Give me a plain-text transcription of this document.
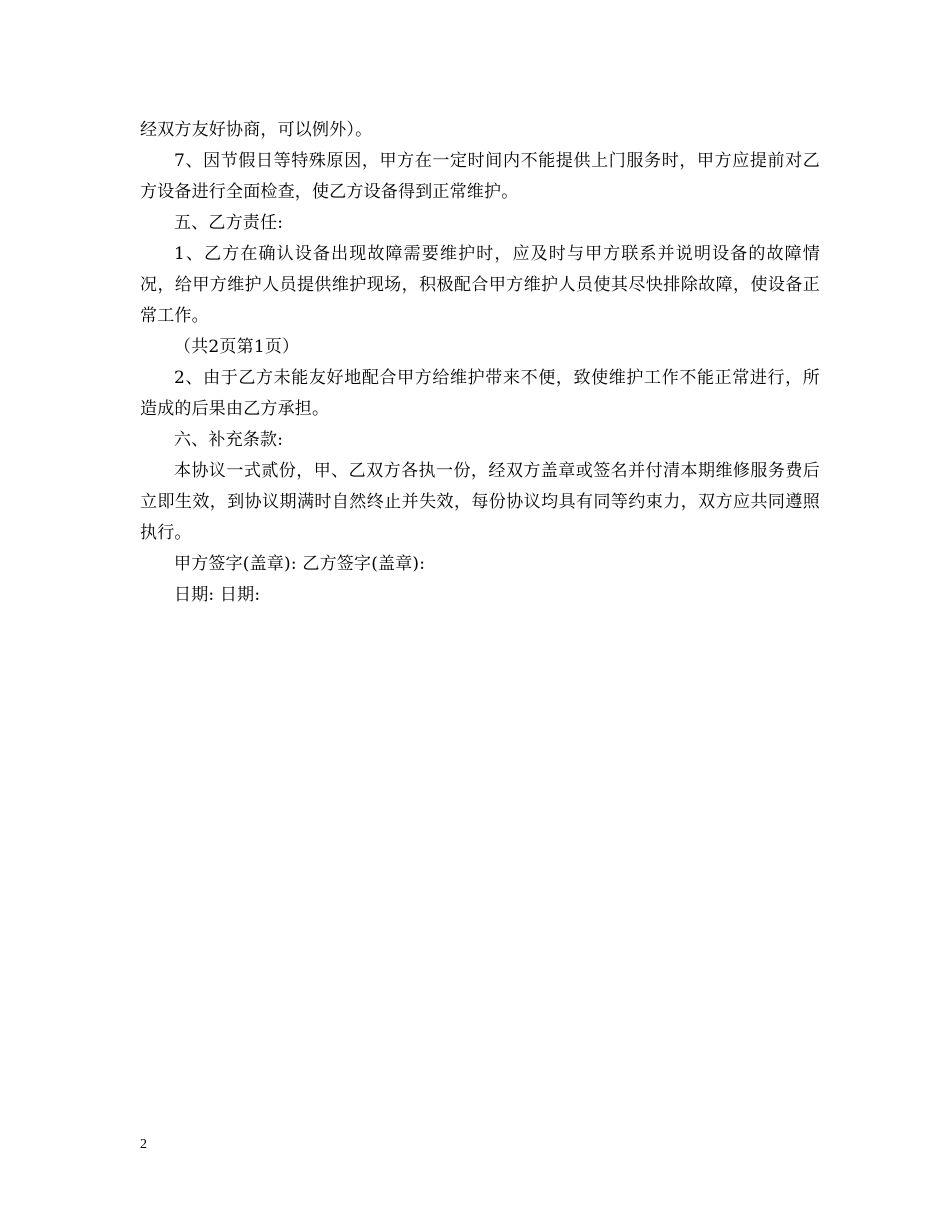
经双方友好协商，可以例外）。

7、因节假日等特殊原因，甲方在一定时间内不能提供上门服务时，甲方应提前对乙方设备进行全面检查，使乙方设备得到正常维护。

五、乙方责任:

1、乙方在确认设备出现故障需要维护时，应及时与甲方联系并说明设备的故障情况，给甲方维护人员提供维护现场，积极配合甲方维护人员使其尽快排除故障，使设备正常工作。

（共2页第1页）

2、由于乙方未能友好地配合甲方给维护带来不便，致使维护工作不能正常进行，所造成的后果由乙方承担。

六、补充条款:

本协议一式贰份，甲、乙双方各执一份，经双方盖章或签名并付清本期维修服务费后立即生效，到协议期满时自然终止并失效，每份协议均具有同等约束力，双方应共同遵照执行。

甲方签字(盖章): 乙方签字(盖章):

日期: 日期:

2
